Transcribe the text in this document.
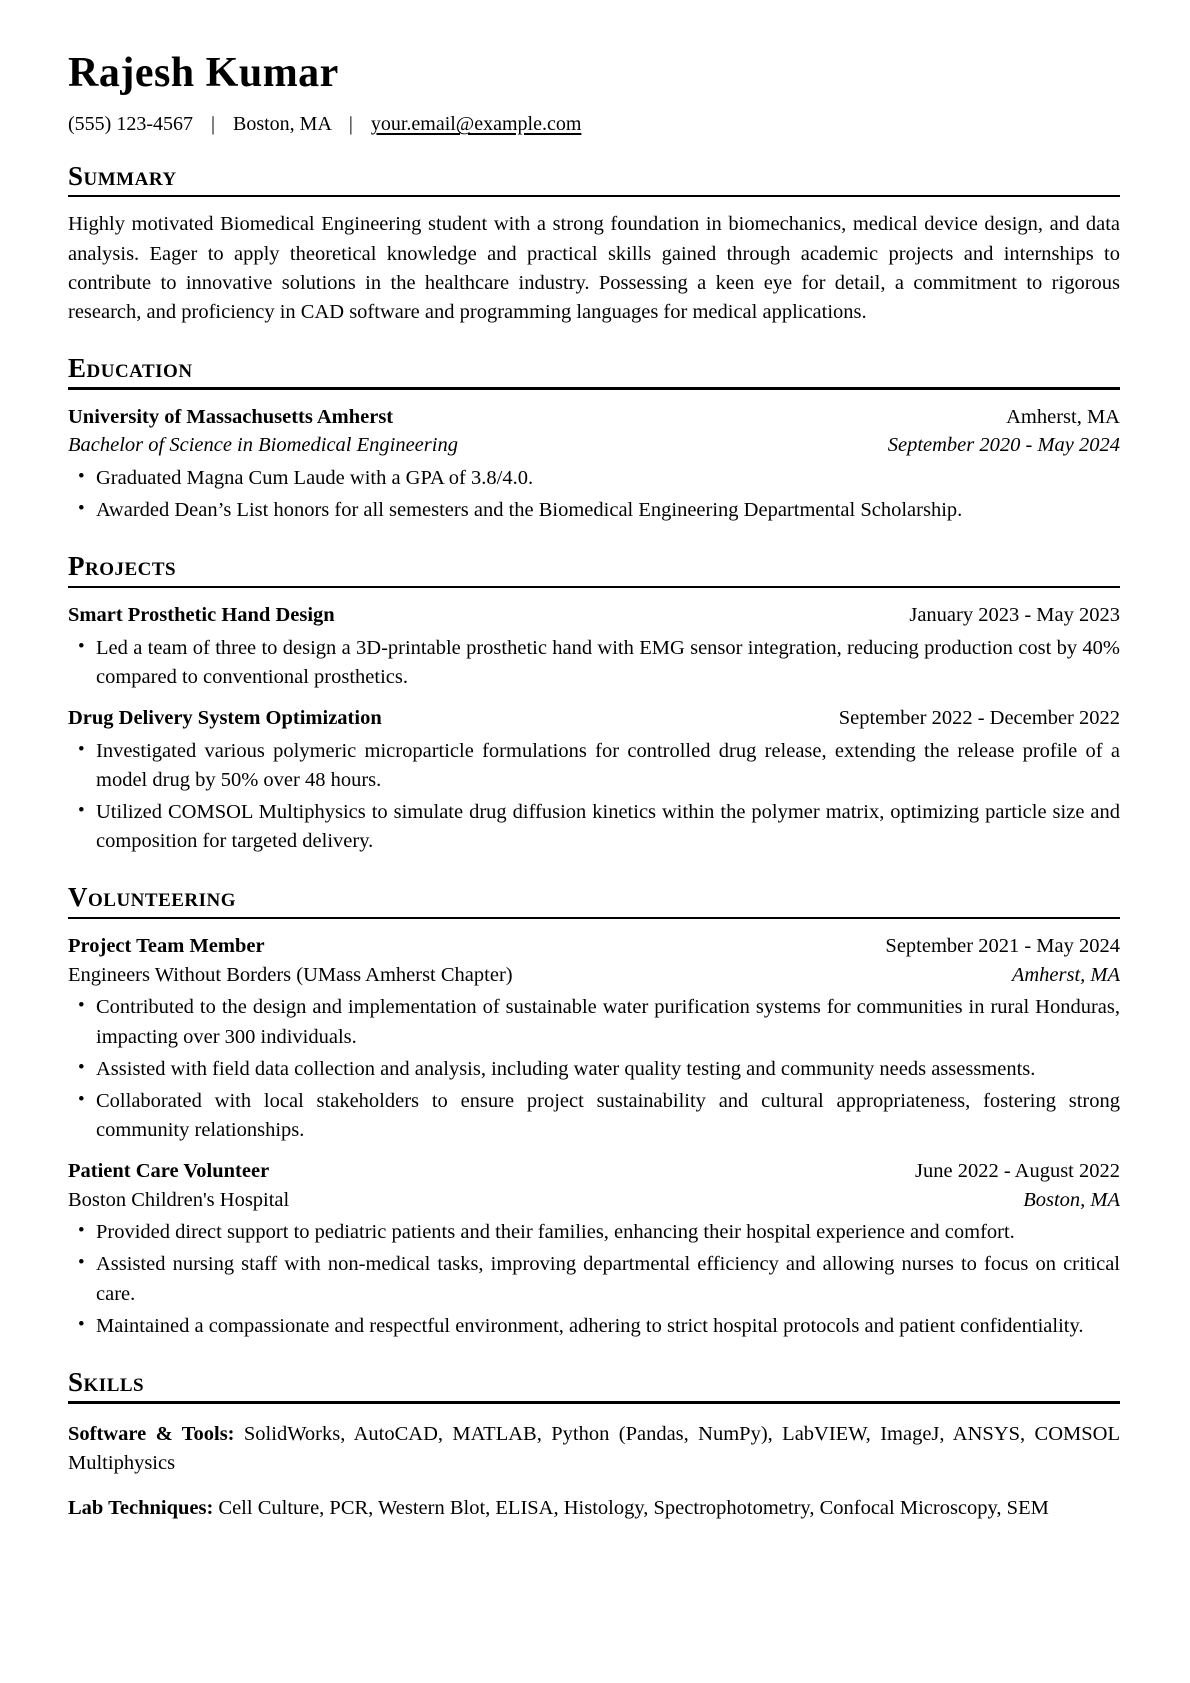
Rajesh Kumar
(555) 123-4567 | Boston, MA | your.email@example.com
Summary

Highly motivated Biomedical Engineering student with a strong foundation in biomechanics, medical device design, and data analysis. Eager to apply theoretical knowledge and practical skills gained through academic projects and internships to contribute to innovative solutions in the healthcare industry. Possessing a keen eye for detail, a commitment to rigorous research, and proficiency in CAD software and programming languages for medical applications.

Education
University of Massachusetts Amherst	Amherst, MA
Bachelor of Science in Biomedical Engineering	September 2020 - May 2024
• Graduated Magna Cum Laude with a GPA of 3.8/4.0.
• Awarded Dean’s List honors for all semesters and the Biomedical Engineering Departmental Scholarship.
Projects
Smart Prosthetic Hand Design	January 2023 - May 2023
• Led a team of three to design a 3D-printable prosthetic hand with EMG sensor integration, reducing production cost by 40% compared to conventional prosthetics.
Drug Delivery System Optimization	September 2022 - December 2022
• Investigated various polymeric microparticle formulations for controlled drug release, extending the release profile of a model drug by 50% over 48 hours.
• Utilized COMSOL Multiphysics to simulate drug diffusion kinetics within the polymer matrix, optimizing particle size and composition for targeted delivery.
Volunteering
Project Team Member	September 2021 - May 2024
Engineers Without Borders (UMass Amherst Chapter)	Amherst, MA
• Contributed to the design and implementation of sustainable water purification systems for communities in rural Honduras, impacting over 300 individuals.
• Assisted with field data collection and analysis, including water quality testing and community needs assessments.
• Collaborated with local stakeholders to ensure project sustainability and cultural appropriateness, fostering strong community relationships.
Patient Care Volunteer	June 2022 - August 2022
Boston Children's Hospital	Boston, MA
• Provided direct support to pediatric patients and their families, enhancing their hospital experience and comfort.
• Assisted nursing staff with non-medical tasks, improving departmental efficiency and allowing nurses to focus on critical care.
• Maintained a compassionate and respectful environment, adhering to strict hospital protocols and patient confidentiality.
Skills

Software & Tools: SolidWorks, AutoCAD, MATLAB, Python (Pandas, NumPy), LabVIEW, ImageJ, ANSYS, COMSOL Multiphysics

Lab Techniques: Cell Culture, PCR, Western Blot, ELISA, Histology, Spectrophotometry, Confocal Microscopy, SEM
